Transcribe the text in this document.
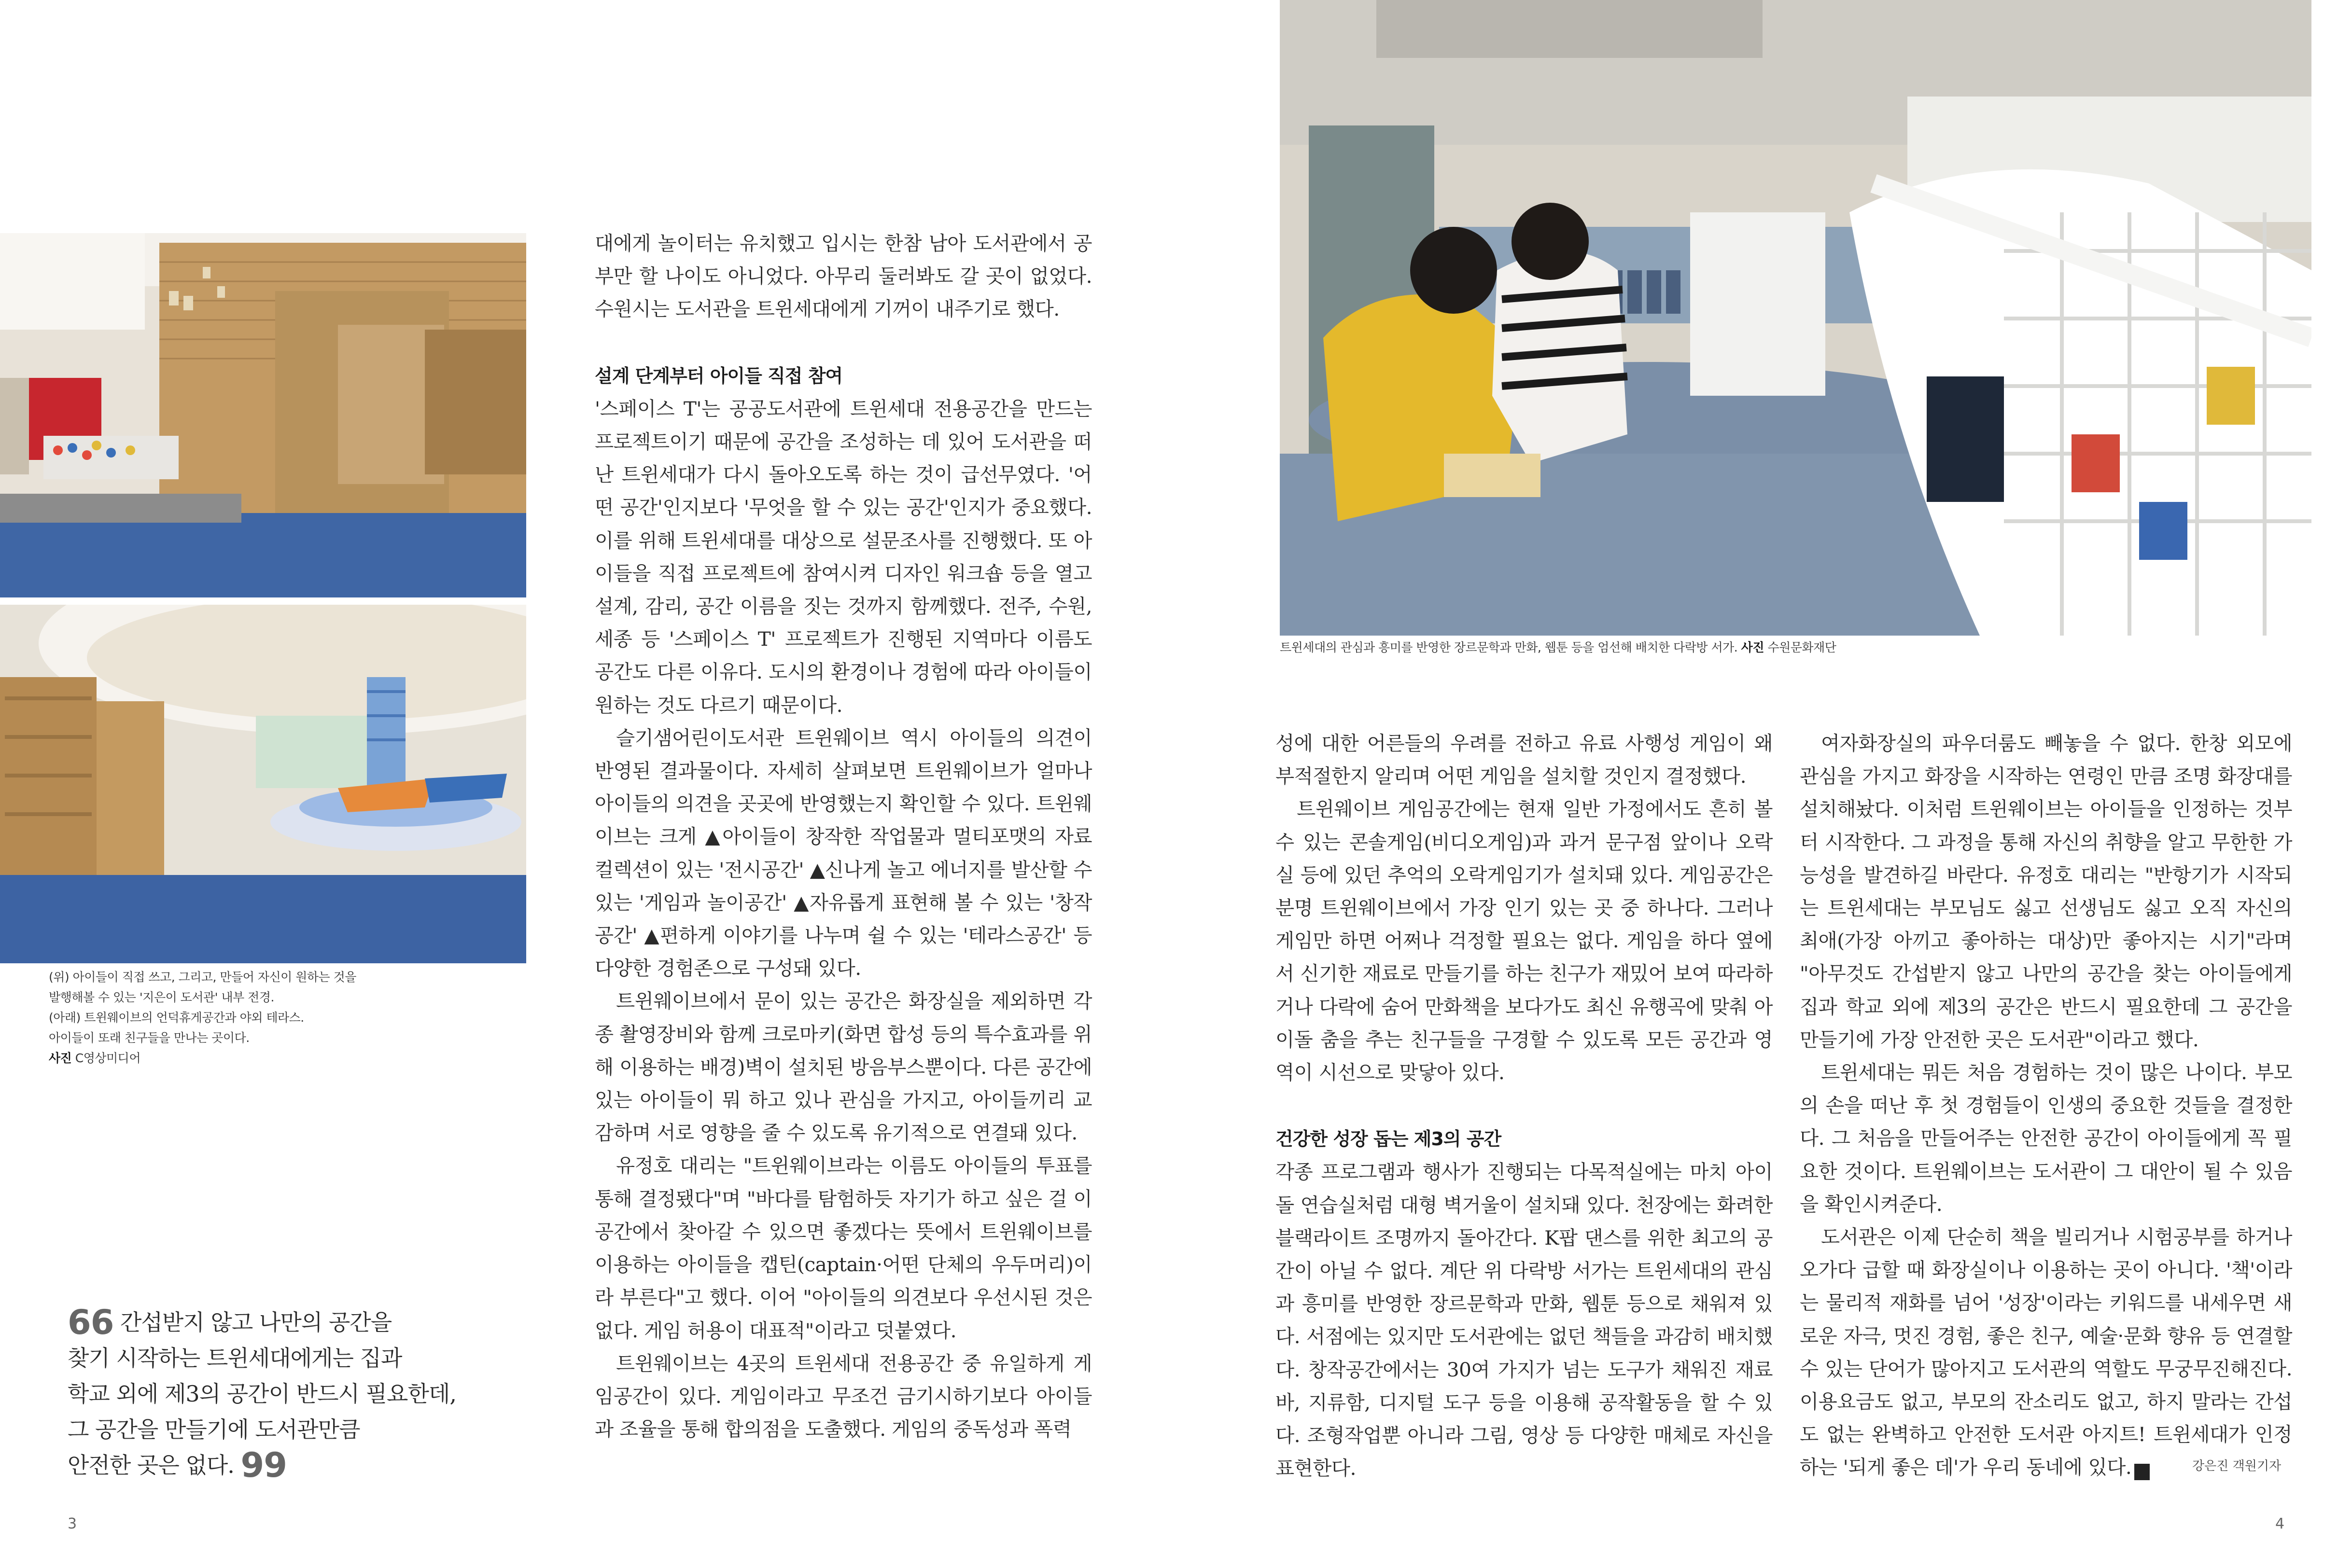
트윈세대의 관심과 흥미를 반영한 장르문학과 만화, 웹툰 등을 엄선해 배치한 다락방 서가. 사진 수원문화재단
(위) 아이들이 직접 쓰고, 그리고, 만들어 자신이 원하는 것을
발행해볼 수 있는 '지은이 도서관' 내부 전경.
(아래) 트윈웨이브의 언덕휴게공간과 야외 테라스.
아이들이 또래 친구들을 만나는 곳이다.
사진 C영상미디어
66 간섭받지 않고 나만의 공간을
찾기 시작하는 트윈세대에게는 집과
학교 외에 제3의 공간이 반드시 필요한데,
그 공간을 만들기에 도서관만큼
안전한 곳은 없다. 99

대에게 놀이터는 유치했고 입시는 한참 남아 도서관에서 공부만 할 나이도 아니었다. 아무리 둘러봐도 갈 곳이 없었다. 수원시는 도서관을 트윈세대에게 기꺼이 내주기로 했다.

설계 단계부터 아이들 직접 참여

'스페이스 T'는 공공도서관에 트윈세대 전용공간을 만드는 프로젝트이기 때문에 공간을 조성하는 데 있어 도서관을 떠난 트윈세대가 다시 돌아오도록 하는 것이 급선무였다. '어떤 공간'인지보다 '무엇을 할 수 있는 공간'인지가 중요했다. 이를 위해 트윈세대를 대상으로 설문조사를 진행했다. 또 아이들을 직접 프로젝트에 참여시켜 디자인 워크숍 등을 열고 설계, 감리, 공간 이름을 짓는 것까지 함께했다. 전주, 수원, 세종 등 '스페이스 T' 프로젝트가 진행된 지역마다 이름도 공간도 다른 이유다. 도시의 환경이나 경험에 따라 아이들이 원하는 것도 다르기 때문이다.

슬기샘어린이도서관 트윈웨이브 역시 아이들의 의견이 반영된 결과물이다. 자세히 살펴보면 트윈웨이브가 얼마나 아이들의 의견을 곳곳에 반영했는지 확인할 수 있다. 트윈웨이브는 크게 ▲아이들이 창작한 작업물과 멀티포맷의 자료 컬렉션이 있는 '전시공간' ▲신나게 놀고 에너지를 발산할 수 있는 '게임과 놀이공간' ▲자유롭게 표현해 볼 수 있는 '창작공간' ▲편하게 이야기를 나누며 쉴 수 있는 '테라스공간' 등 다양한 경험존으로 구성돼 있다.

트윈웨이브에서 문이 있는 공간은 화장실을 제외하면 각종 촬영장비와 함께 크로마키(화면 합성 등의 특수효과를 위해 이용하는 배경)벽이 설치된 방음부스뿐이다. 다른 공간에 있는 아이들이 뭐 하고 있나 관심을 가지고, 아이들끼리 교감하며 서로 영향을 줄 수 있도록 유기적으로 연결돼 있다.

유정호 대리는 "트윈웨이브라는 이름도 아이들의 투표를 통해 결정됐다"며 "바다를 탐험하듯 자기가 하고 싶은 걸 이 공간에서 찾아갈 수 있으면 좋겠다는 뜻에서 트윈웨이브를 이용하는 아이들을 캡틴(captain·어떤 단체의 우두머리)이라 부른다"고 했다. 이어 "아이들의 의견보다 우선시된 것은 없다. 게임 허용이 대표적"이라고 덧붙였다.

트윈웨이브는 4곳의 트윈세대 전용공간 중 유일하게 게임공간이 있다. 게임이라고 무조건 금기시하기보다 아이들과 조율을 통해 합의점을 도출했다. 게임의 중독성과 폭력

성에 대한 어른들의 우려를 전하고 유료 사행성 게임이 왜 부적절한지 알리며 어떤 게임을 설치할 것인지 결정했다.

트윈웨이브 게임공간에는 현재 일반 가정에서도 흔히 볼 수 있는 콘솔게임(비디오게임)과 과거 문구점 앞이나 오락실 등에 있던 추억의 오락게임기가 설치돼 있다. 게임공간은 분명 트윈웨이브에서 가장 인기 있는 곳 중 하나다. 그러나 게임만 하면 어쩌나 걱정할 필요는 없다. 게임을 하다 옆에서 신기한 재료로 만들기를 하는 친구가 재밌어 보여 따라하거나 다락에 숨어 만화책을 보다가도 최신 유행곡에 맞춰 아이돌 춤을 추는 친구들을 구경할 수 있도록 모든 공간과 영역이 시선으로 맞닿아 있다.

건강한 성장 돕는 제3의 공간

각종 프로그램과 행사가 진행되는 다목적실에는 마치 아이돌 연습실처럼 대형 벽거울이 설치돼 있다. 천장에는 화려한 블랙라이트 조명까지 돌아간다. K팝 댄스를 위한 최고의 공간이 아닐 수 없다. 계단 위 다락방 서가는 트윈세대의 관심과 흥미를 반영한 장르문학과 만화, 웹툰 등으로 채워져 있다. 서점에는 있지만 도서관에는 없던 책들을 과감히 배치했다. 창작공간에서는 30여 가지가 넘는 도구가 채워진 재료바, 지류함, 디지털 도구 등을 이용해 공작활동을 할 수 있다. 조형작업뿐 아니라 그림, 영상 등 다양한 매체로 자신을 표현한다.

여자화장실의 파우더룸도 빼놓을 수 없다. 한창 외모에 관심을 가지고 화장을 시작하는 연령인 만큼 조명 화장대를 설치해놨다. 이처럼 트윈웨이브는 아이들을 인정하는 것부터 시작한다. 그 과정을 통해 자신의 취향을 알고 무한한 가능성을 발견하길 바란다. 유정호 대리는 "반항기가 시작되는 트윈세대는 부모님도 싫고 선생님도 싫고 오직 자신의 최애(가장 아끼고 좋아하는 대상)만 좋아지는 시기"라며 "아무것도 간섭받지 않고 나만의 공간을 찾는 아이들에게 집과 학교 외에 제3의 공간은 반드시 필요한데 그 공간을 만들기에 가장 안전한 곳은 도서관"이라고 했다.

트윈세대는 뭐든 처음 경험하는 것이 많은 나이다. 부모의 손을 떠난 후 첫 경험들이 인생의 중요한 것들을 결정한다. 그 처음을 만들어주는 안전한 공간이 아이들에게 꼭 필요한 것이다. 트윈웨이브는 도서관이 그 대안이 될 수 있음을 확인시켜준다.

도서관은 이제 단순히 책을 빌리거나 시험공부를 하거나 오가다 급할 때 화장실이나 이용하는 곳이 아니다. '책'이라는 물리적 재화를 넘어 '성장'이라는 키워드를 내세우면 새로운 자극, 멋진 경험, 좋은 친구, 예술·문화 향유 등 연결할 수 있는 단어가 많아지고 도서관의 역할도 무궁무진해진다. 이용요금도 없고, 부모의 잔소리도 없고, 하지 말라는 간섭도 없는 완벽하고 안전한 도서관 아지트! 트윈세대가 인정하는 '되게 좋은 데'가 우리 동네에 있다. K	강은진 객원기자
3	4
